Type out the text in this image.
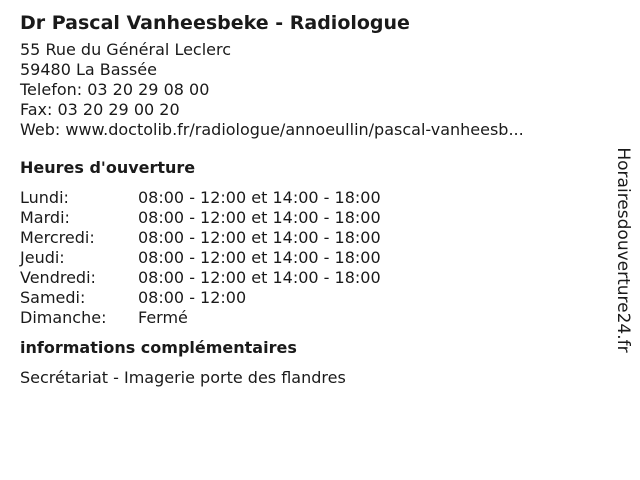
Dr Pascal Vanheesbeke - Radiologue
55 Rue du Général Leclerc
59480 La Bassée
Telefon: 03 20 29 08 00
Fax: 03 20 29 00 20
Web: www.doctolib.fr/radiologue/annoeullin/pascal-vanheesb...
Heures d'ouverture
Lundi:	08:00 - 12:00 et 14:00 - 18:00
Mardi:	08:00 - 12:00 et 14:00 - 18:00
Mercredi:	08:00 - 12:00 et 14:00 - 18:00
Jeudi:	08:00 - 12:00 et 14:00 - 18:00
Vendredi:	08:00 - 12:00 et 14:00 - 18:00
Samedi:	08:00 - 12:00
Dimanche:	Fermé
informations complémentaires
Secrétariat - Imagerie porte des flandres
Horairesdouverture24.fr
